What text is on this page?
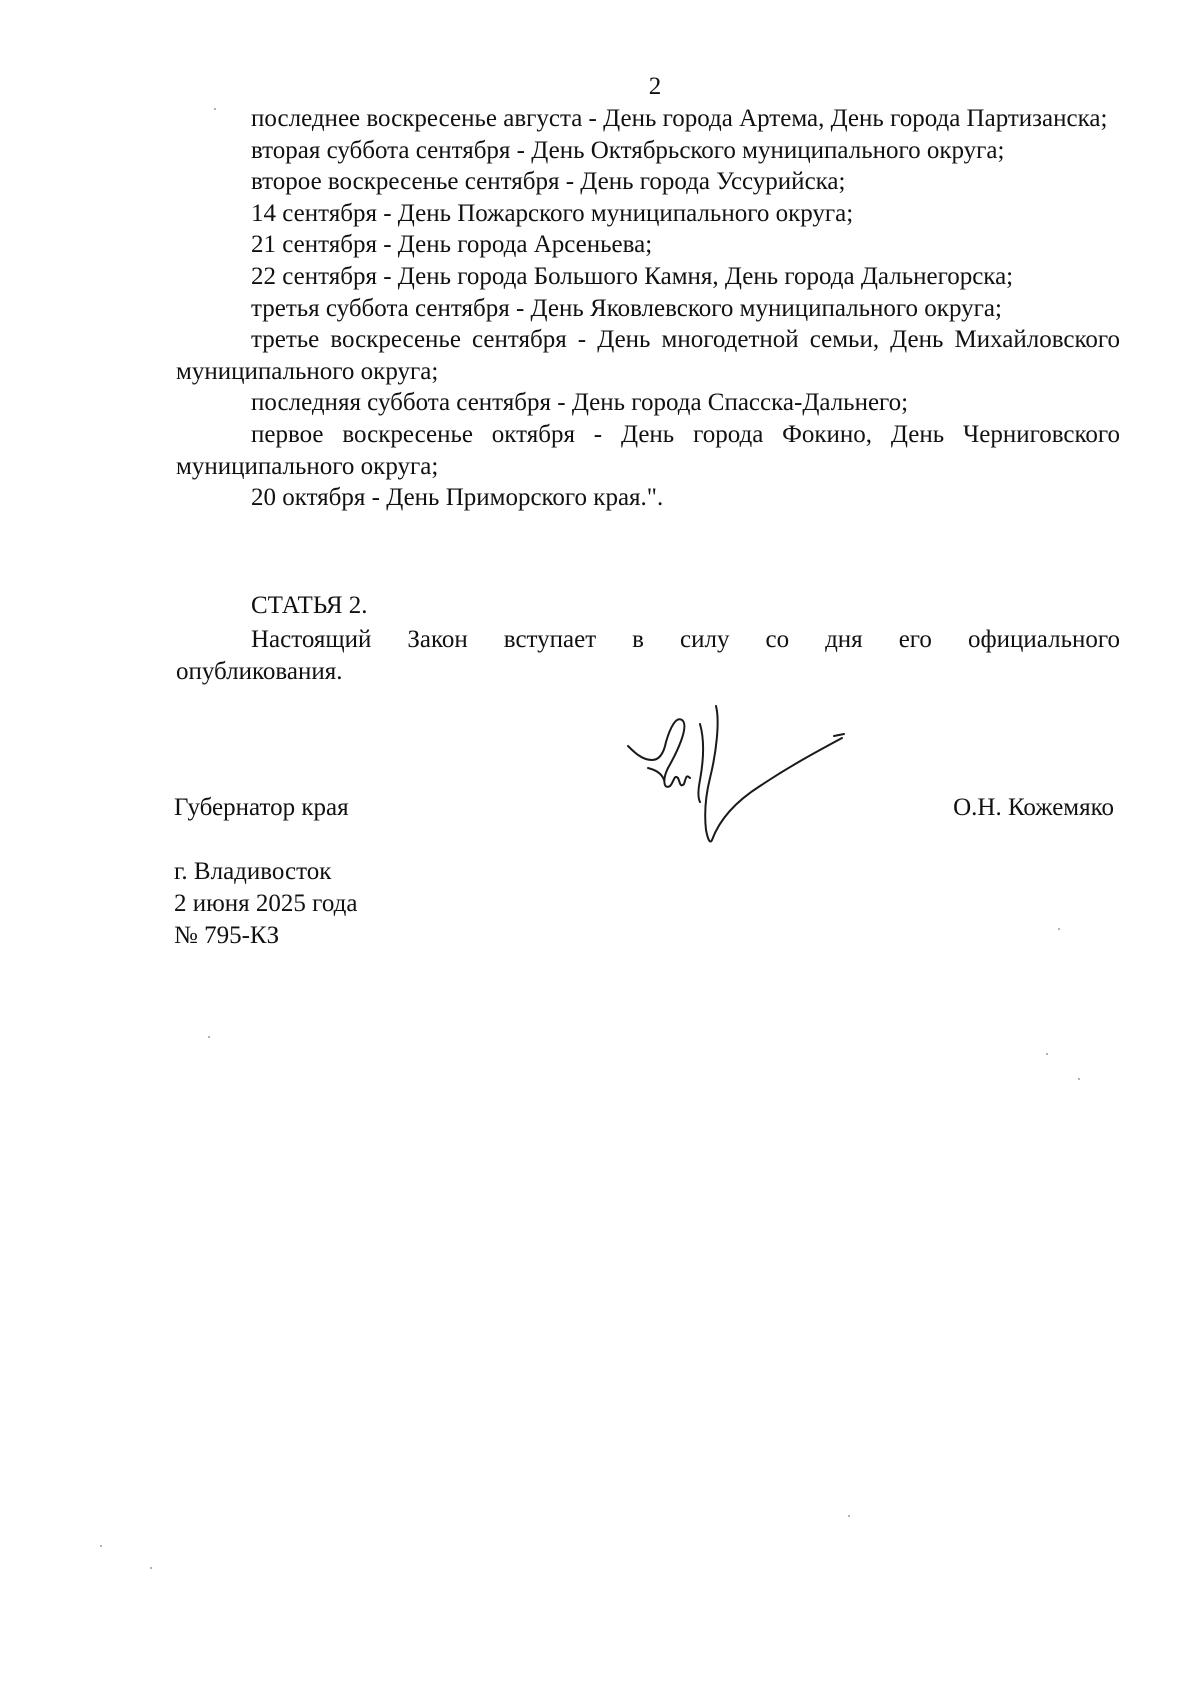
2

последнее воскресенье августа - День города Артема, День города Партизанска;

вторая суббота сентября - День Октябрьского муниципального округа;

второе воскресенье сентября - День города Уссурийска;

14 сентября - День Пожарского муниципального округа;

21 сентября - День города Арсеньева;

22 сентября - День города Большого Камня, День города Дальнегорска;

третья суббота сентября - День Яковлевского муниципального округа;

третье воскресенье сентября - День многодетной семьи, День Михайловского муниципального округа;

последняя суббота сентября - День города Спасска-Дальнего;

первое воскресенье октября - День города Фокино, День Черниговского муниципального округа;

20 октября - День Приморского края.".

СТАТЬЯ 2.

Настоящий Закон вступает в силу со дня его официального опубликования.

Губернатор края	О.Н. Кожемяко
г. Владивосток
2 июня 2025 года
№ 795-КЗ
